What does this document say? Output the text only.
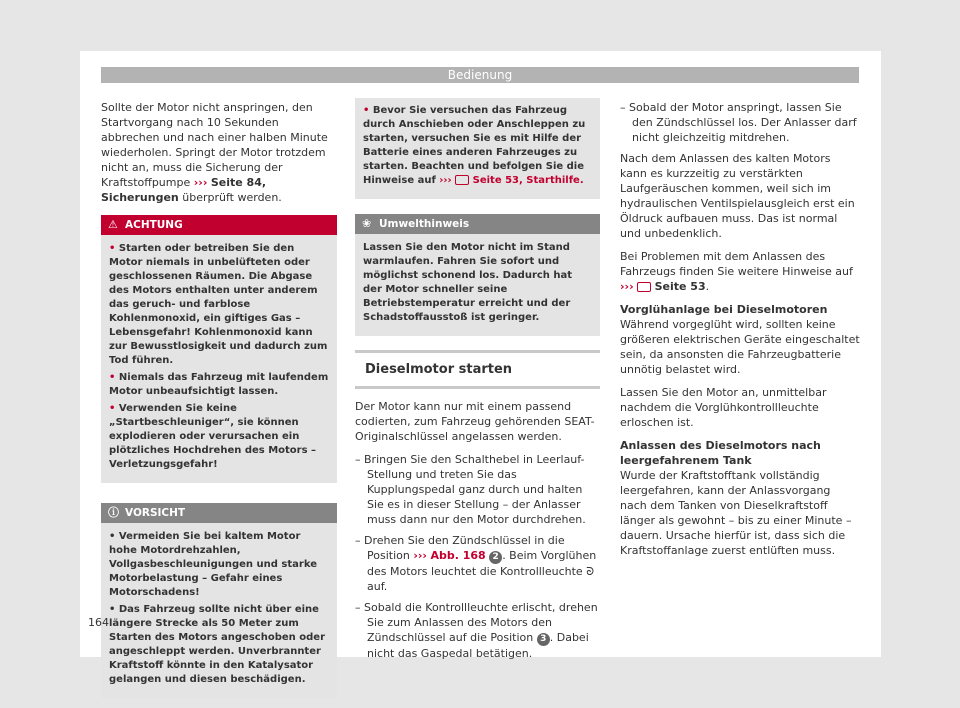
Bedienung

Sollte der Motor nicht anspringen, den Startvorgang nach 10 Sekunden abbrechen und nach einer halben Minute wiederholen. Springt der Motor trotzdem nicht an, muss die Sicherung der Kraftstoffpumpe ››› Seite 84, Sicherungen überprüft werden.

⚠ ACHTUNG

• Starten oder betreiben Sie den Motor niemals in unbelüfteten oder geschlossenen Räumen. Die Abgase des Motors enthalten unter anderem das geruch- und farblose Kohlenmonoxid, ein giftiges Gas – Lebensgefahr! Kohlenmonoxid kann zur Bewusstlosigkeit und dadurch zum Tod führen.

• Niemals das Fahrzeug mit laufendem Motor unbeaufsichtigt lassen.

• Verwenden Sie keine „Startbeschleuniger“, sie können explodieren oder verursachen ein plötzliches Hochdrehen des Motors – Verletzungsgefahr!

ⓘ VORSICHT

• Vermeiden Sie bei kaltem Motor hohe Motordrehzahlen, Vollgasbeschleunigungen und starke Motorbelastung – Gefahr eines Motorschadens!

• Das Fahrzeug sollte nicht über eine längere Strecke als 50 Meter zum Starten des Motors angeschoben oder angeschleppt werden. Unverbrannter Kraftstoff könnte in den Katalysator gelangen und diesen beschädigen.

• Bevor Sie versuchen das Fahrzeug durch Anschieben oder Anschleppen zu starten, versuchen Sie es mit Hilfe der Batterie eines anderen Fahrzeuges zu starten. Beachten und befolgen Sie die Hinweise auf ››› Seite 53, Starthilfe.

❀ Umwelthinweis

Lassen Sie den Motor nicht im Stand warmlaufen. Fahren Sie sofort und möglichst schonend los. Dadurch hat der Motor schneller seine Betriebstemperatur erreicht und der Schadstoffausstoß ist geringer.

Dieselmotor starten

Der Motor kann nur mit einem passend codierten, zum Fahrzeug gehörenden SEAT-Originalschlüssel angelassen werden.

– Bringen Sie den Schalthebel in Leerlauf-Stellung und treten Sie das Kupplungspedal ganz durch und halten Sie es in dieser Stellung – der Anlasser muss dann nur den Motor durchdrehen.

– Drehen Sie den Zündschlüssel in die Position ››› Abb. 168 2 . Beim Vorglühen des Motors leuchtet die Kontrollleuchte ᘐ auf.

– Sobald die Kontrollleuchte erlischt, drehen Sie zum Anlassen des Motors den Zündschlüssel auf die Position 3 . Dabei nicht das Gaspedal betätigen.

– Sobald der Motor anspringt, lassen Sie den Zündschlüssel los. Der Anlasser darf nicht gleichzeitig mitdrehen.

Nach dem Anlassen des kalten Motors kann es kurzzeitig zu verstärkten Laufgeräuschen kommen, weil sich im hydraulischen Ventilspielausgleich erst ein Öldruck aufbauen muss. Das ist normal und unbedenklich.

Bei Problemen mit dem Anlassen des Fahrzeugs finden Sie weitere Hinweise auf ››› Seite 53.

Vorglühanlage bei Dieselmotoren

Während vorgeglüht wird, sollten keine größeren elektrischen Geräte eingeschaltet sein, da ansonsten die Fahrzeugbatterie unnötig belastet wird.

Lassen Sie den Motor an, unmittelbar nachdem die Vorglühkontrollleuchte erloschen ist.

Anlassen des Dieselmotors nach leergefahrenem Tank

Wurde der Kraftstofftank vollständig leergefahren, kann der Anlassvorgang nach dem Tanken von Dieselkraftstoff länger als gewohnt – bis zu einer Minute – dauern. Ursache hierfür ist, dass sich die Kraftstoffanlage zuerst entlüften muss.

164
